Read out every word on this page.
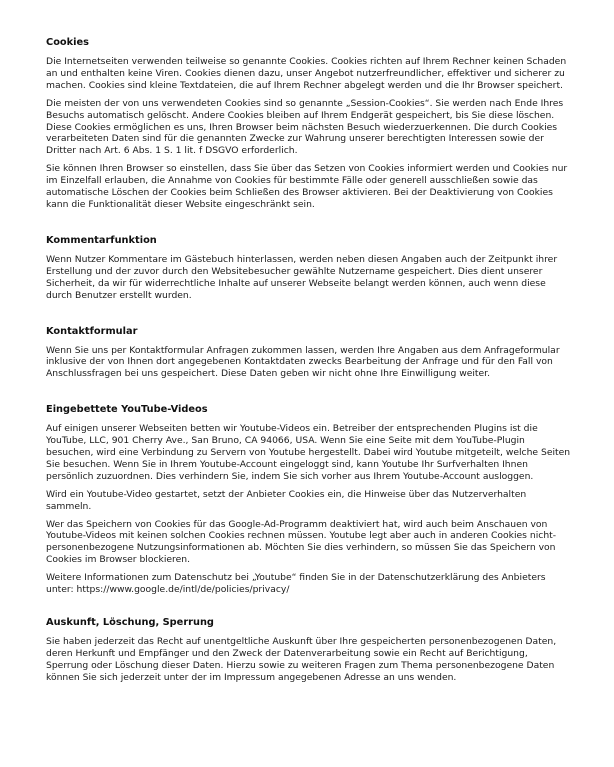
Cookies

Die Internetseiten verwenden teilweise so genannte Cookies. Cookies richten auf Ihrem Rechner keinen Schaden an und enthalten keine Viren. Cookies dienen dazu, unser Angebot nutzerfreundlicher, effektiver und sicherer zu machen. Cookies sind kleine Textdateien, die auf Ihrem Rechner abgelegt werden und die Ihr Browser speichert.

Die meisten der von uns verwendeten Cookies sind so genannte „Session-Cookies“. Sie werden nach Ende Ihres Besuchs automatisch gelöscht. Andere Cookies bleiben auf Ihrem Endgerät gespeichert, bis Sie diese löschen. Diese Cookies ermöglichen es uns, Ihren Browser beim nächsten Besuch wiederzuerkennen. Die durch Cookies verarbeiteten Daten sind für die genannten Zwecke zur Wahrung unserer berechtigten Interessen sowie der Dritter nach Art. 6 Abs. 1 S. 1 lit. f DSGVO erforderlich.

Sie können Ihren Browser so einstellen, dass Sie über das Setzen von Cookies informiert werden und Cookies nur im Einzelfall erlauben, die Annahme von Cookies für bestimmte Fälle oder generell ausschließen sowie das automatische Löschen der Cookies beim Schließen des Browser aktivieren. Bei der Deaktivierung von Cookies kann die Funktionalität dieser Website eingeschränkt sein.

Kommentarfunktion

Wenn Nutzer Kommentare im Gästebuch hinterlassen, werden neben diesen Angaben auch der Zeitpunkt ihrer Erstellung und der zuvor durch den Websitebesucher gewählte Nutzername gespeichert. Dies dient unserer Sicherheit, da wir für widerrechtliche Inhalte auf unserer Webseite belangt werden können, auch wenn diese durch Benutzer erstellt wurden.

Kontaktformular

Wenn Sie uns per Kontaktformular Anfragen zukommen lassen, werden Ihre Angaben aus dem Anfrageformular inklusive der von Ihnen dort angegebenen Kontaktdaten zwecks Bearbeitung der Anfrage und für den Fall von Anschlussfragen bei uns gespeichert. Diese Daten geben wir nicht ohne Ihre Einwilligung weiter.

Eingebettete YouTube-Videos

Auf einigen unserer Webseiten betten wir Youtube-Videos ein. Betreiber der entsprechenden Plugins ist die YouTube, LLC, 901 Cherry Ave., San Bruno, CA 94066, USA. Wenn Sie eine Seite mit dem YouTube-Plugin besuchen, wird eine Verbindung zu Servern von Youtube hergestellt. Dabei wird Youtube mitgeteilt, welche Seiten Sie besuchen. Wenn Sie in Ihrem Youtube-Account eingeloggt sind, kann Youtube Ihr Surfverhalten Ihnen persönlich zuzuordnen. Dies verhindern Sie, indem Sie sich vorher aus Ihrem Youtube-Account ausloggen.

Wird ein Youtube-Video gestartet, setzt der Anbieter Cookies ein, die Hinweise über das Nutzerverhalten sammeln.

Wer das Speichern von Cookies für das Google-Ad-Programm deaktiviert hat, wird auch beim Anschauen von Youtube-Videos mit keinen solchen Cookies rechnen müssen. Youtube legt aber auch in anderen Cookies nicht-personenbezogene Nutzungsinformationen ab. Möchten Sie dies verhindern, so müssen Sie das Speichern von Cookies im Browser blockieren.

Weitere Informationen zum Datenschutz bei „Youtube“ finden Sie in der Datenschutzerklärung des Anbieters unter: https://www.google.de/intl/de/policies/privacy/

Auskunft, Löschung, Sperrung

Sie haben jederzeit das Recht auf unentgeltliche Auskunft über Ihre gespeicherten personenbezogenen Daten, deren Herkunft und Empfänger und den Zweck der Datenverarbeitung sowie ein Recht auf Berichtigung, Sperrung oder Löschung dieser Daten. Hierzu sowie zu weiteren Fragen zum Thema personenbezogene Daten können Sie sich jederzeit unter der im Impressum angegebenen Adresse an uns wenden.
